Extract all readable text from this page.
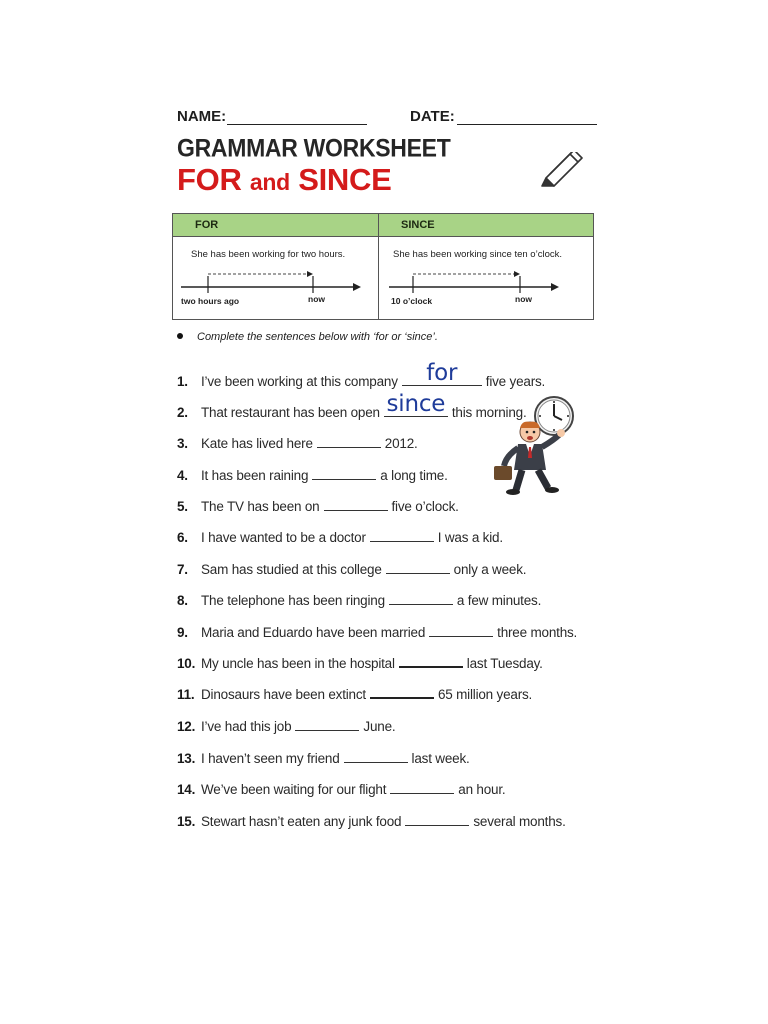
NAME:	DATE:
GRAMMAR WORKSHEET
FOR and SINCE
FOR
She has been working for two hours.
two hours ago	now
SINCE
She has been working since ten o’clock.
10 o’clock	now
Complete the sentences below with ‘for or ‘since’.
1. I’ve been working at this company	for	five years.
2. That restaurant has been open since this morning.
3. Kate has lived here	2012.
4. It has been raining	a long time.
5. The TV has been on	five o’clock.
6. I have wanted to be a doctor	I was a kid.
7. Sam has studied at this college	only a week.
8. The telephone has been ringing	a few minutes.
9. Maria and Eduardo have been married	three months.
10. My uncle has been in the hospital	last Tuesday.
11. Dinosaurs have been extinct	65 million years.
12. I’ve had this job	June.
13. I haven’t seen my friend	last week.
14. We’ve been waiting for our flight	an hour.
15. Stewart hasn’t eaten any junk food	several months.
